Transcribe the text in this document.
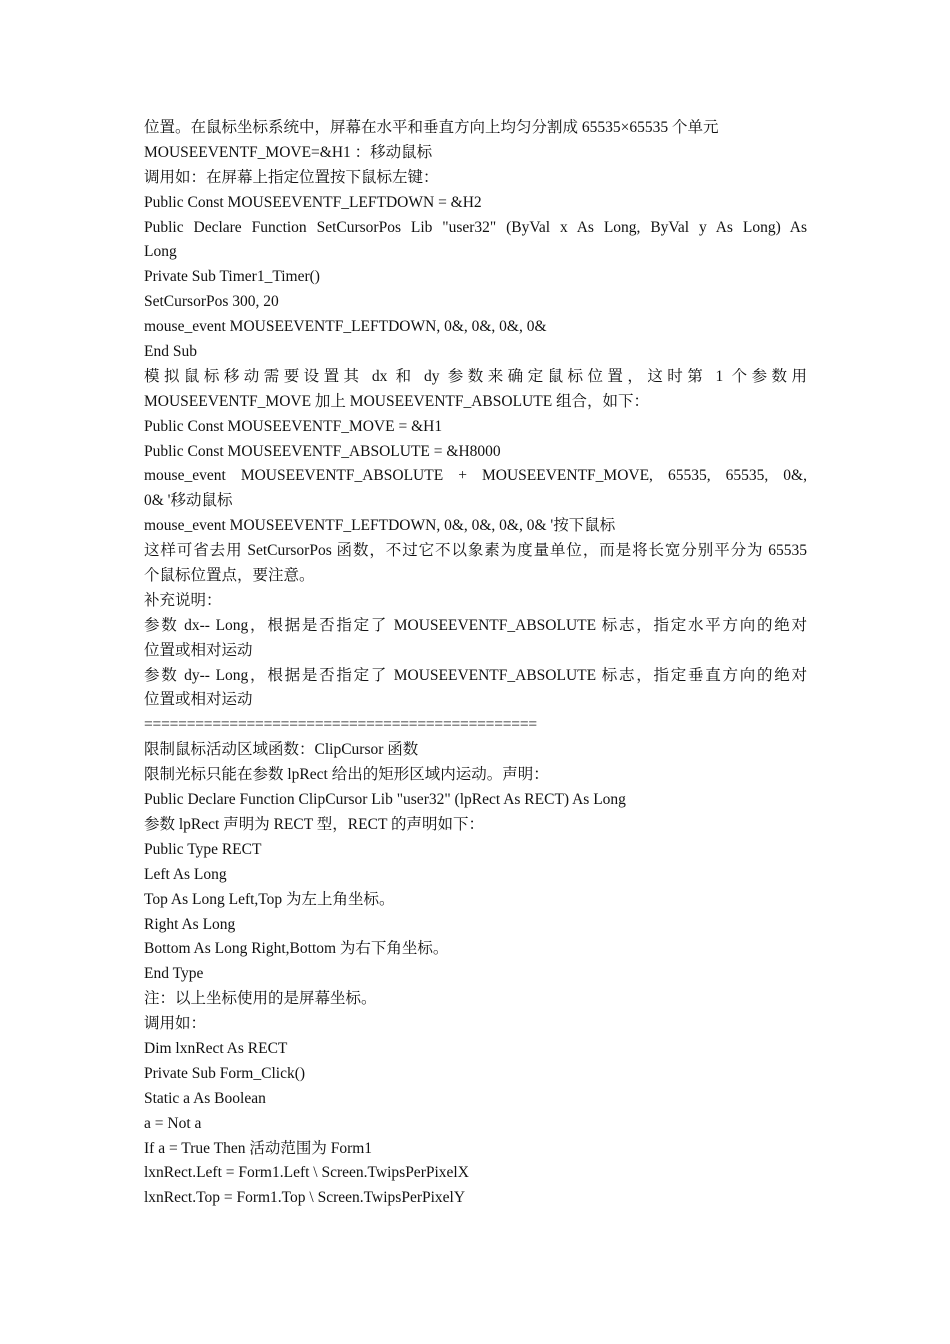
位置。在鼠标坐标系统中，屏幕在水平和垂直方向上均匀分割成 65535×65535 个单元
MOUSEEVENTF_MOVE=&H1 ：移动鼠标
调用如：在屏幕上指定位置按下鼠标左键：
Public Const MOUSEEVENTF_LEFTDOWN = &H2
Public Declare Function SetCursorPos Lib "user32" (ByVal x As Long, ByVal y As Long) As
Long
Private Sub Timer1_Timer()
SetCursorPos 300, 20
mouse_event MOUSEEVENTF_LEFTDOWN, 0&, 0&, 0&, 0&
End Sub
模拟鼠标移动需要设置其 dx 和 dy 参数来确定鼠标位置，这时第 1 个参数用
MOUSEEVENTF_MOVE 加上 MOUSEEVENTF_ABSOLUTE 组合，如下：
Public Const MOUSEEVENTF_MOVE = &H1
Public Const MOUSEEVENTF_ABSOLUTE = &H8000
mouse_event MOUSEEVENTF_ABSOLUTE + MOUSEEVENTF_MOVE, 65535, 65535, 0&,
0& '移动鼠标
mouse_event MOUSEEVENTF_LEFTDOWN, 0&, 0&, 0&, 0& '按下鼠标
这样可省去用 SetCursorPos 函数，不过它不以象素为度量单位，而是将长宽分别平分为 65535
个鼠标位置点，要注意。
补充说明：
参数 dx-- Long，根据是否指定了 MOUSEEVENTF_ABSOLUTE 标志，指定水平方向的绝对
位置或相对运动
参数 dy-- Long，根据是否指定了 MOUSEEVENTF_ABSOLUTE 标志，指定垂直方向的绝对
位置或相对运动
==============================================
限制鼠标活动区域函数：ClipCursor 函数
限制光标只能在参数 lpRect 给出的矩形区域内运动。声明：
Public Declare Function ClipCursor Lib "user32" (lpRect As RECT) As Long
参数 lpRect 声明为 RECT 型，RECT 的声明如下：
Public Type RECT
Left As Long
Top As Long Left,Top 为左上角坐标。
Right As Long
Bottom As Long Right,Bottom 为右下角坐标。
End Type
注：以上坐标使用的是屏幕坐标。
调用如：
Dim lxnRect As RECT
Private Sub Form_Click()
Static a As Boolean
a = Not a
If a = True Then 活动范围为 Form1
lxnRect.Left = Form1.Left \ Screen.TwipsPerPixelX
lxnRect.Top = Form1.Top \ Screen.TwipsPerPixelY
